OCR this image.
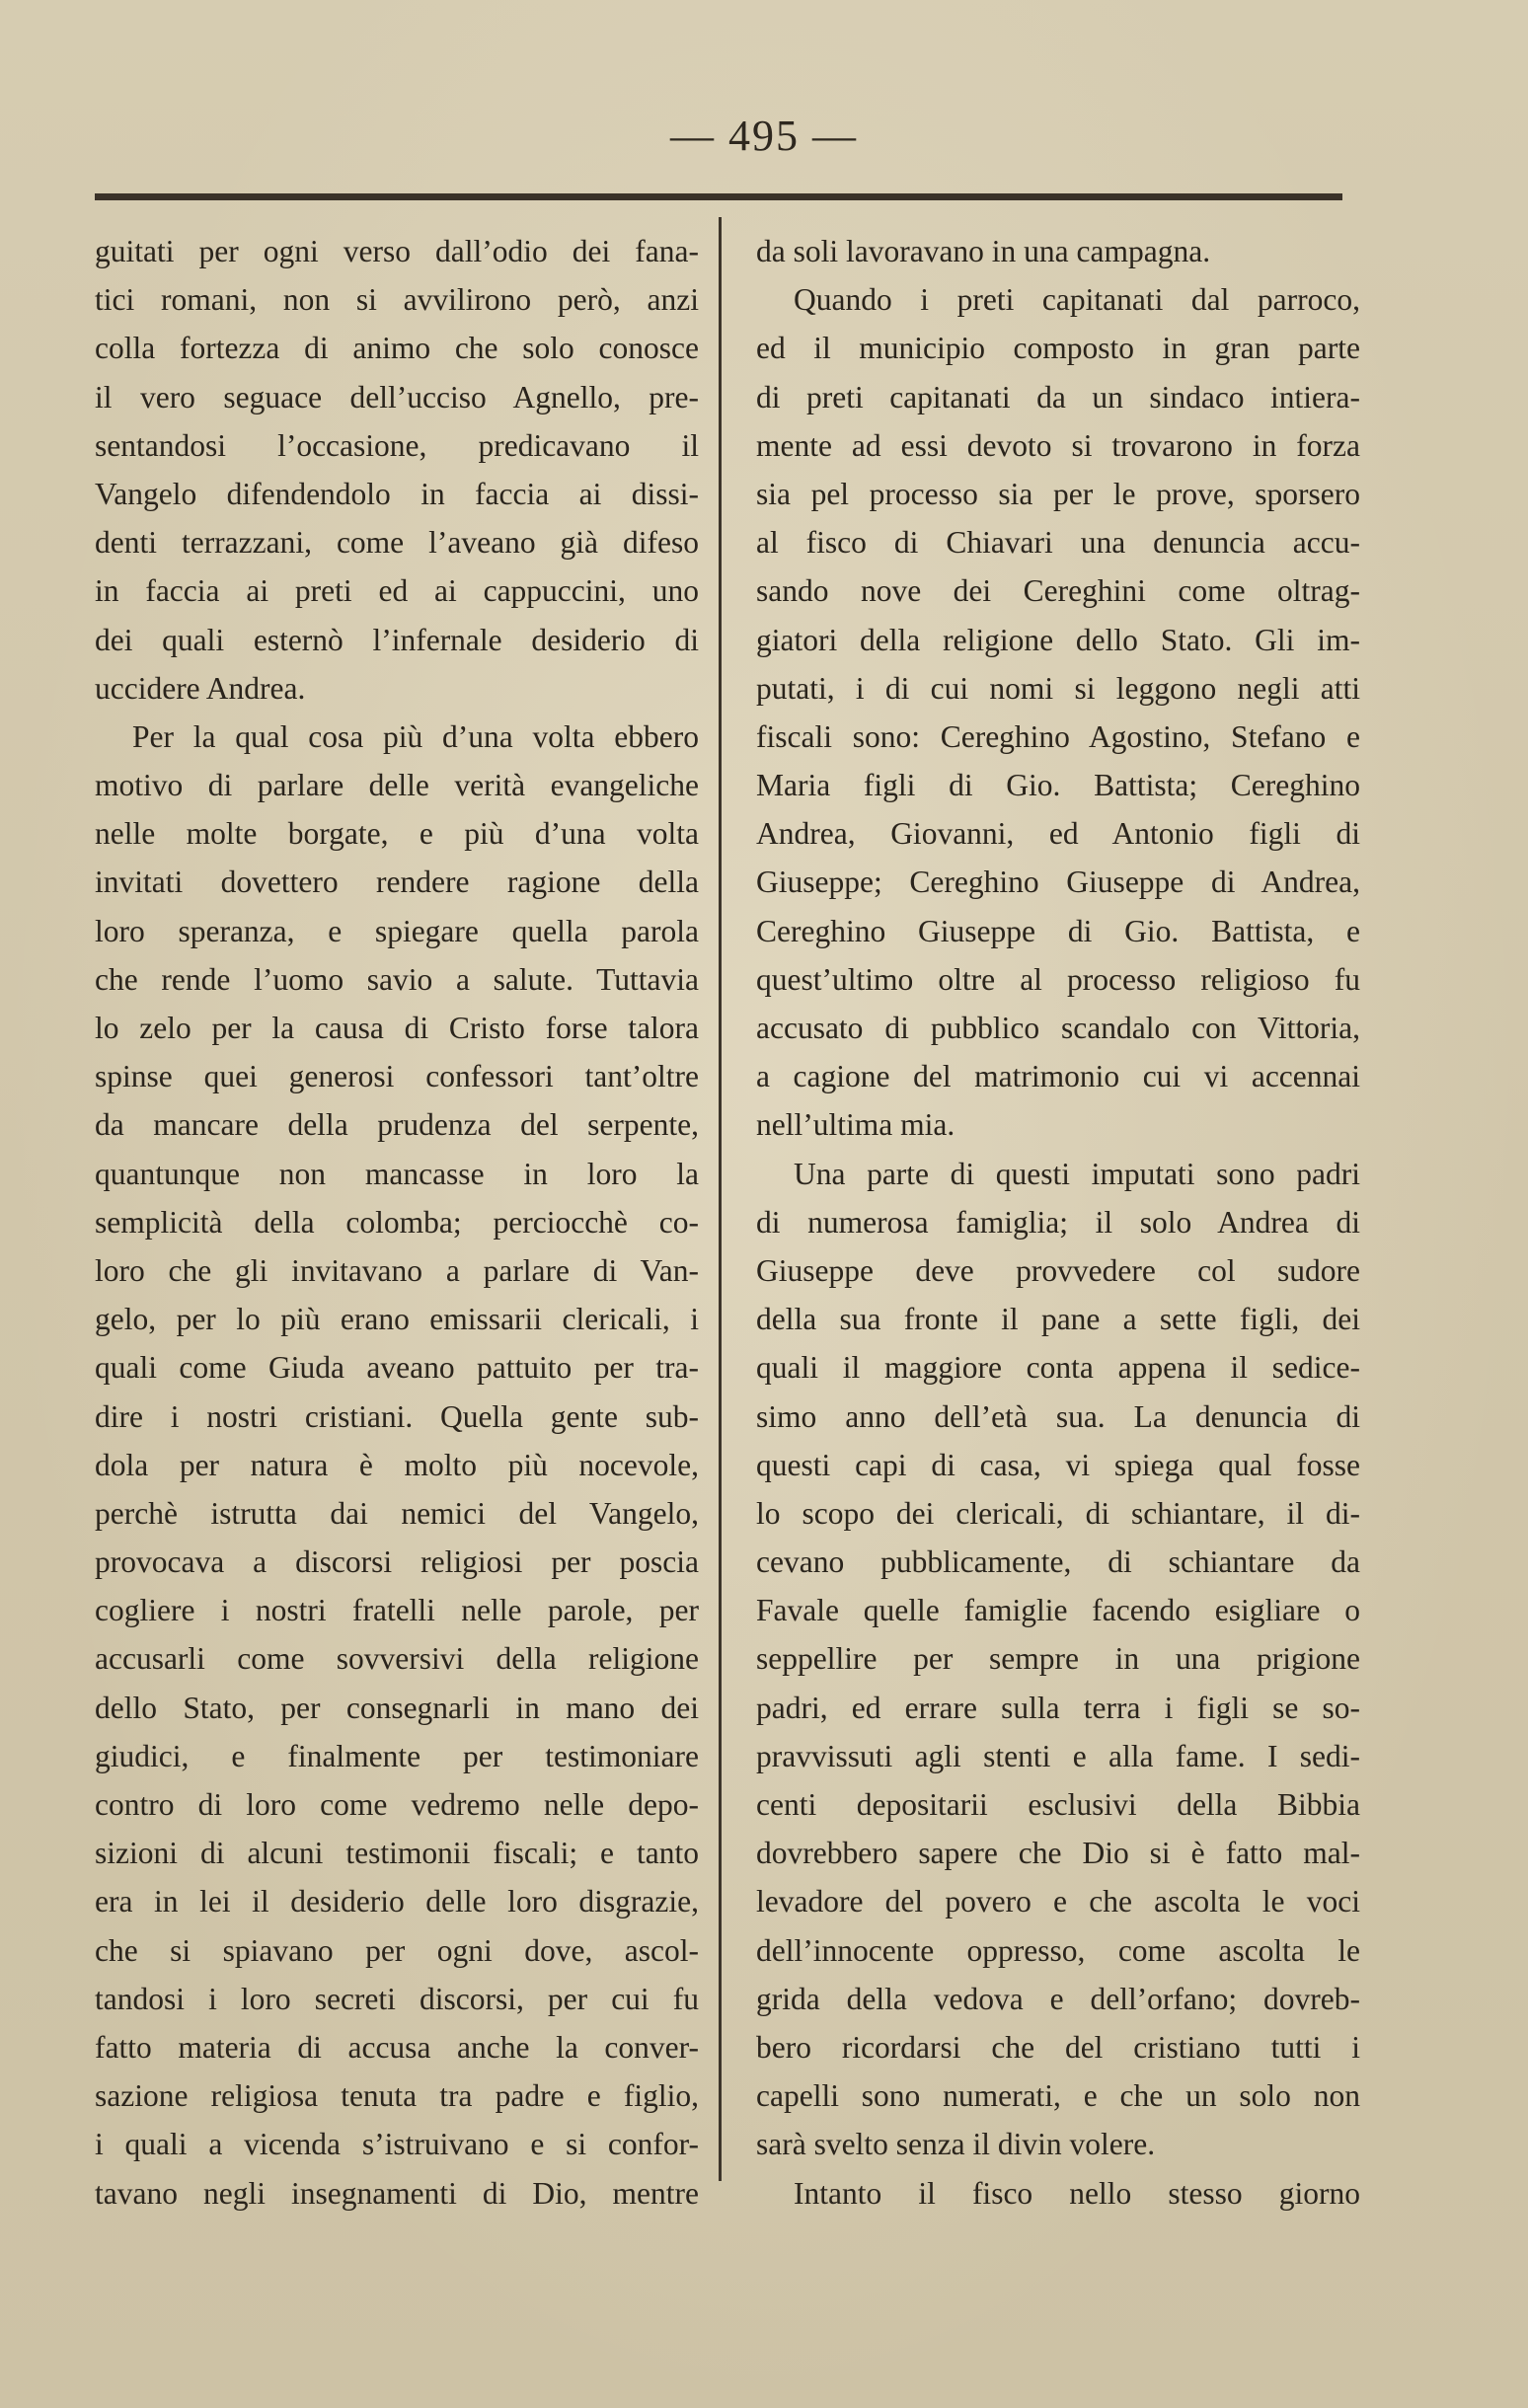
— 495 —
guitati per ogni verso dall’odio dei fana-
tici romani, non si avvilirono però, anzi
colla fortezza di animo che solo conosce
il vero seguace dell’ucciso Agnello, pre-
sentandosi l’occasione, predicavano il
Vangelo difendendolo in faccia ai dissi-
denti terrazzani, come l’aveano già difeso
in faccia ai preti ed ai cappuccini, uno
dei quali esternò l’infernale desiderio di
uccidere Andrea.
Per la qual cosa più d’una volta ebbero
motivo di parlare delle verità evangeliche
nelle molte borgate, e più d’una volta
invitati dovettero rendere ragione della
loro speranza, e spiegare quella parola
che rende l’uomo savio a salute. Tuttavia
lo zelo per la causa di Cristo forse talora
spinse quei generosi confessori tant’oltre
da mancare della prudenza del serpente,
quantunque non mancasse in loro la
semplicità della colomba; perciocchè co-
loro che gli invitavano a parlare di Van-
gelo, per lo più erano emissarii clericali, i
quali come Giuda aveano pattuito per tra-
dire i nostri cristiani. Quella gente sub-
dola per natura è molto più nocevole,
perchè istrutta dai nemici del Vangelo,
provocava a discorsi religiosi per poscia
cogliere i nostri fratelli nelle parole, per
accusarli come sovversivi della religione
dello Stato, per consegnarli in mano dei
giudici, e finalmente per testimoniare
contro di loro come vedremo nelle depo-
sizioni di alcuni testimonii fiscali; e tanto
era in lei il desiderio delle loro disgrazie,
che si spiavano per ogni dove, ascol-
tandosi i loro secreti discorsi, per cui fu
fatto materia di accusa anche la conver-
sazione religiosa tenuta tra padre e figlio,
i quali a vicenda s’istruivano e si confor-
tavano negli insegnamenti di Dio, mentre
da soli lavoravano in una campagna.
Quando i preti capitanati dal parroco,
ed il municipio composto in gran parte
di preti capitanati da un sindaco intiera-
mente ad essi devoto si trovarono in forza
sia pel processo sia per le prove, sporsero
al fisco di Chiavari una denuncia accu-
sando nove dei Cereghini come oltrag-
giatori della religione dello Stato. Gli im-
putati, i di cui nomi si leggono negli atti
fiscali sono: Cereghino Agostino, Stefano e
Maria figli di Gio. Battista; Cereghino
Andrea, Giovanni, ed Antonio figli di
Giuseppe; Cereghino Giuseppe di Andrea,
Cereghino Giuseppe di Gio. Battista, e
quest’ultimo oltre al processo religioso fu
accusato di pubblico scandalo con Vittoria,
a cagione del matrimonio cui vi accennai
nell’ultima mia.
Una parte di questi imputati sono padri
di numerosa famiglia; il solo Andrea di
Giuseppe deve provvedere col sudore
della sua fronte il pane a sette figli, dei
quali il maggiore conta appena il sedice-
simo anno dell’età sua. La denuncia di
questi capi di casa, vi spiega qual fosse
lo scopo dei clericali, di schiantare, il di-
cevano pubblicamente, di schiantare da
Favale quelle famiglie facendo esigliare o
seppellire per sempre in una prigione
padri, ed errare sulla terra i figli se so-
pravvissuti agli stenti e alla fame. I sedi-
centi depositarii esclusivi della Bibbia
dovrebbero sapere che Dio si è fatto mal-
levadore del povero e che ascolta le voci
dell’innocente oppresso, come ascolta le
grida della vedova e dell’orfano; dovreb-
bero ricordarsi che del cristiano tutti i
capelli sono numerati, e che un solo non
sarà svelto senza il divin volere.
Intanto il fisco nello stesso giorno
